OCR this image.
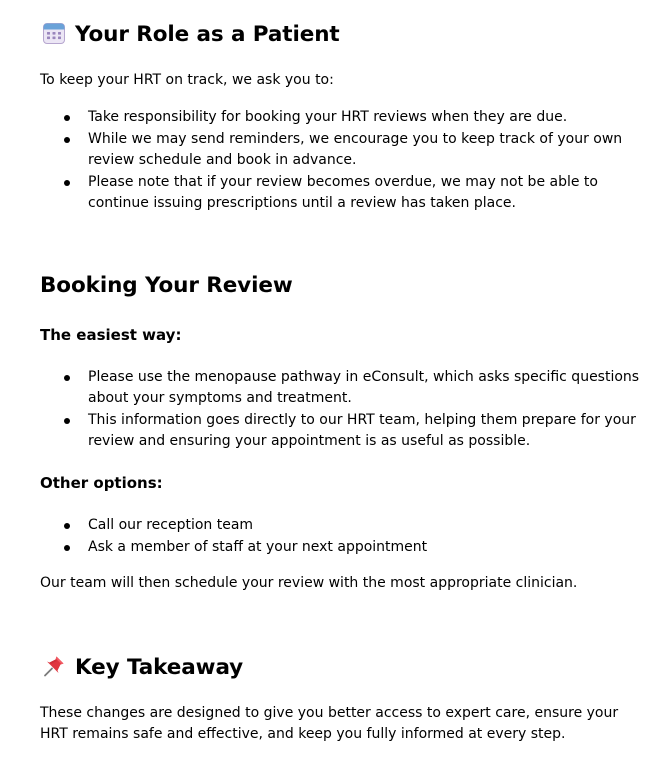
Your Role as a Patient

To keep your HRT on track, we ask you to:

Take responsibility for booking your HRT reviews when they are due.
While we may send reminders, we encourage you to keep track of your own review schedule and book in advance.
Please note that if your review becomes overdue, we may not be able to continue issuing prescriptions until a review has taken place.
Booking Your Review
The easiest way:
Please use the menopause pathway in eConsult, which asks specific questions about your symptoms and treatment.
This information goes directly to our HRT team, helping them prepare for your review and ensuring your appointment is as useful as possible.
Other options:
Call our reception team
Ask a member of staff at your next appointment

Our team will then schedule your review with the most appropriate clinician.

Key Takeaway

These changes are designed to give you better access to expert care, ensure your HRT remains safe and effective, and keep you fully informed at every step.
